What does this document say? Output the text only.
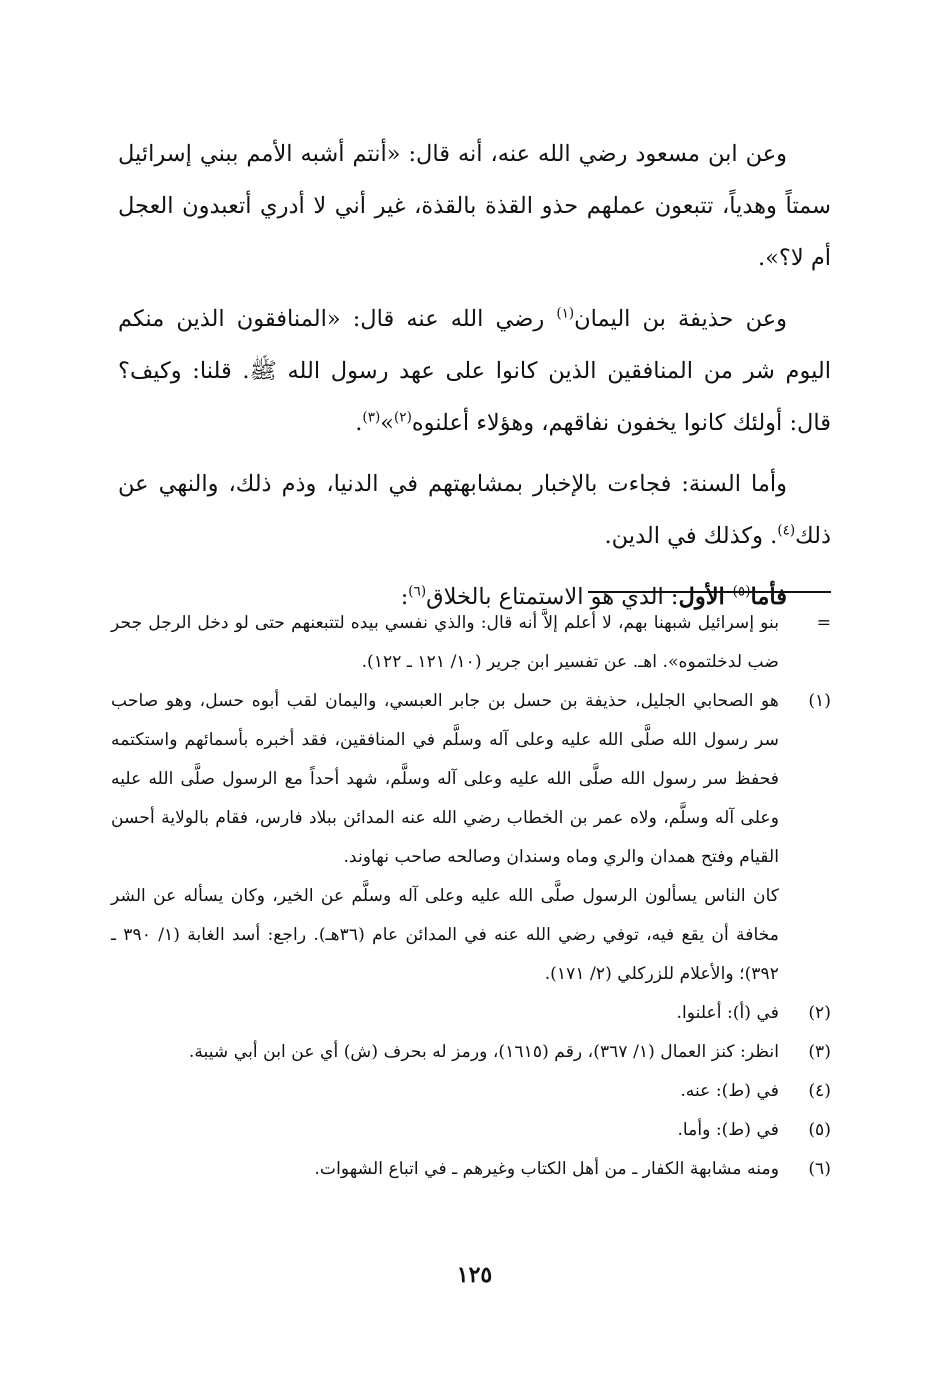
وعن ابن مسعود رضي الله عنه، أنه قال: «أنتم أشبه الأمم ببني إسرائيل سمتاً وهدياً، تتبعون عملهم حذو القذة بالقذة، غير أني لا أدري أتعبدون العجل أم لا؟».

وعن حذيفة بن اليمان$^{(١)}$ رضي الله عنه قال: «المنافقون الذين منكم اليوم شر من المنافقين الذين كانوا على عهد رسول الله ﷺ. قلنا: وكيف؟ قال: أولئك كانوا يخفون نفاقهم، وهؤلاء أعلنوه$^{(٢)}$»$^{(٣)}$.

وأما السنة: فجاءت بالإخبار بمشابهتهم في الدنيا، وذم ذلك، والنهي عن ذلك$^{(٤)}$. وكذلك في الدين.

فأما$^{(٥)}$ الأول: الذي هو الاستمتاع بالخلاق$^{(٦)}$:

=

بنو إسرائيل شبهنا بهم، لا أعلم إلاَّ أنه قال: والذي نفسي بيده لتتبعنهم حتى لو دخل الرجل جحر ضب لدخلتموه». اهـ. عن تفسير ابن جرير (١٠/ ١٢١ ـ ١٢٢).

(١)

هو الصحابي الجليل، حذيفة بن حسل بن جابر العبسي، واليمان لقب أبوه حسل، وهو صاحب سر رسول الله صلَّى الله عليه وعلى آله وسلَّم في المنافقين، فقد أخبره بأسمائهم واستكتمه فحفظ سر رسول الله صلَّى الله عليه وعلى آله وسلَّم، شهد أحداً مع الرسول صلَّى الله عليه وعلى آله وسلَّم، ولاه عمر بن الخطاب رضي الله عنه المدائن ببلاد فارس، فقام بالولاية أحسن القيام وفتح همدان والري وماه وسندان وصالحه صاحب نهاوند.

كان الناس يسألون الرسول صلَّى الله عليه وعلى آله وسلَّم عن الخير، وكان يسأله عن الشر مخافة أن يقع فيه، توفي رضي الله عنه في المدائن عام (٣٦هـ). راجع: أسد الغابة (١/ ٣٩٠ ـ ٣٩٢)؛ والأعلام للزركلي (٢/ ١٧١).

(٢)

في (أ): أعلنوا.

(٣)

انظر: كنز العمال (١/ ٣٦٧)، رقم (١٦١٥)، ورمز له بحرف (ش) أي عن ابن أبي شيبة.

(٤)

في (ط): عنه.

(٥)

في (ط): وأما.

(٦)

ومنه مشابهة الكفار ـ من أهل الكتاب وغيرهم ـ في اتباع الشهوات.

١٢٥
